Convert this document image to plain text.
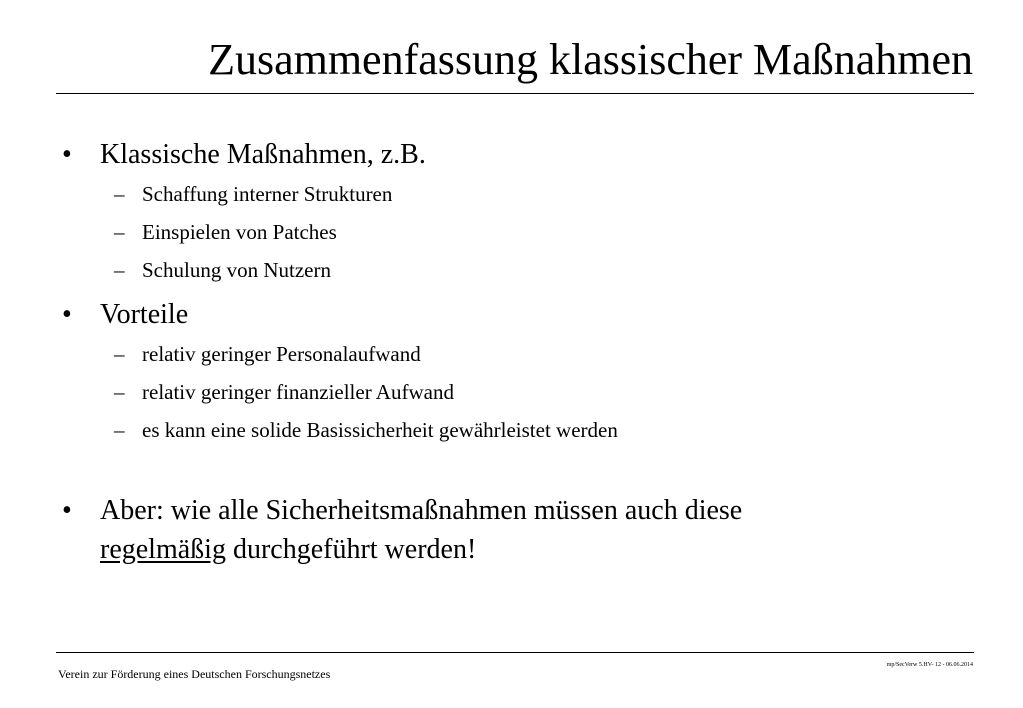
Zusammenfassung klassischer Maßnahmen
•	Klassische Maßnahmen, z.B.
– Schaffung interner Strukturen
– Einspielen von Patches
– Schulung von Nutzern
•	Vorteile
– relativ geringer Personalaufwand
– relativ geringer finanzieller Aufwand
– es kann eine solide Basissicherheit gewährleistet werden
•	Aber: wie alle Sicherheitsmaßnahmen müssen auch diese
regelmäßig durchgeführt werden!
Verein zur Förderung eines Deutschen Forschungsnetzes
mp/SecVerw 5.HV- 12 - 06.06.2014
